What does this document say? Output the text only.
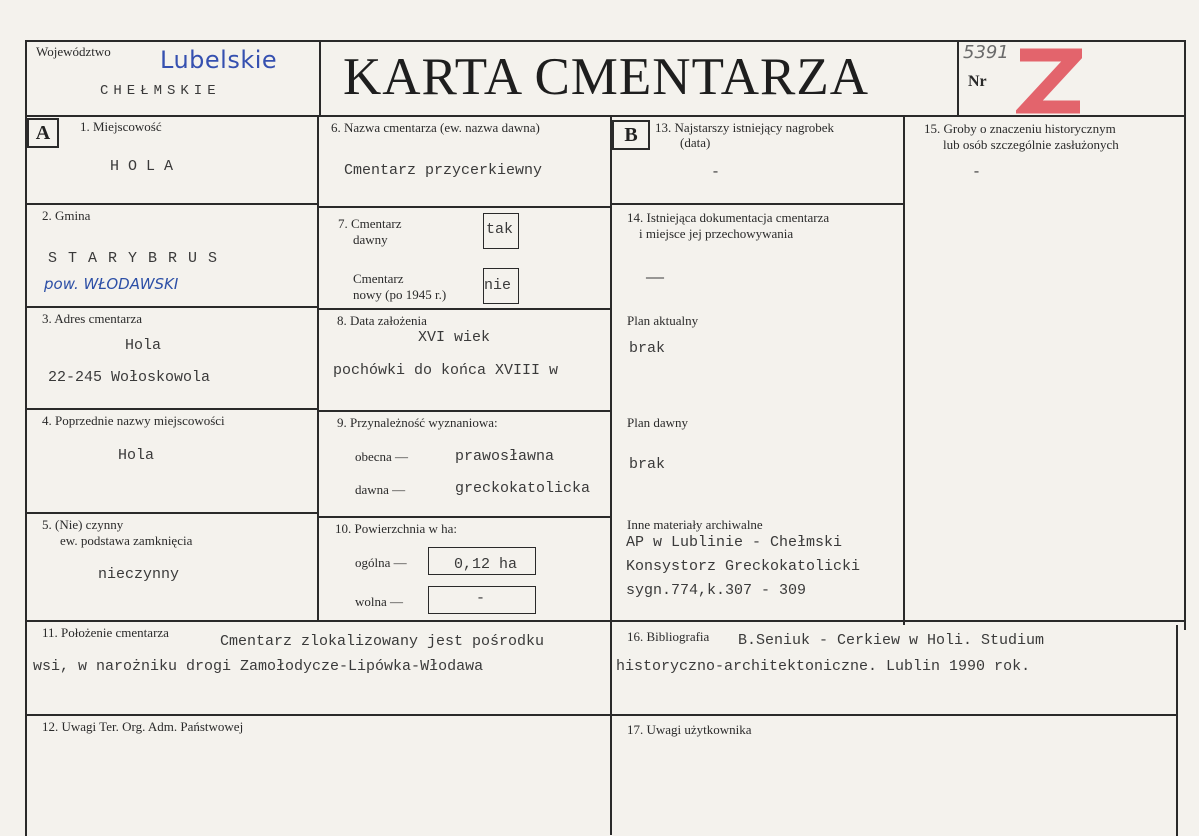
Województwo Lubelskie
CHEŁMSKIE KARTA CMENTARZA	Nr
5391
A	1. Miejscowość
H O L A
2. Gmina
S T A R Y B R U S
pow. WŁODAWSKI
3. Adres cmentarza
Hola
22-245 Wołoskowola
4. Poprzednie nazwy miejscowości
Hola
5. (Nie) czynny
ew. podstawa zamknięcia
nieczynny
6. Nazwa cmentarza (ew. nazwa dawna)
Cmentarz przycerkiewny
7. Cmentarz
dawny
tak
Cmentarz
nowy (po 1945 r.)
nie
8. Data założenia
XVI wiek
pochówki do końca XVIII w
9. Przynależność wyznaniowa:
obecna —	prawosławna
dawna —	greckokatolicka
10. Powierzchnia w ha:
ogólna —	0,12 ha
wolna —	-
B	13. Najstarszy istniejący nagrobek
(data)
-
14. Istniejąca dokumentacja cmentarza
i miejsce jej przechowywania
——
Plan aktualny
brak
Plan dawny
brak
Inne materiały archiwalne
AP w Lublinie - Chełmski
Konsystorz Greckokatolicki
sygn.774,k.307 - 309
15. Groby o znaczeniu historycznym
lub osób szczególnie zasłużonych
-
11. Położenie cmentarza
Cmentarz zlokalizowany jest pośrodku
wsi, w narożniku drogi Zamołodycze-Lipówka-Włodawa
16. Bibliografia B.Seniuk - Cerkiew w Holi. Studium
historyczno-architektoniczne. Lublin 1990 rok.
12. Uwagi Ter. Org. Adm. Państwowej	17. Uwagi użytkownika
